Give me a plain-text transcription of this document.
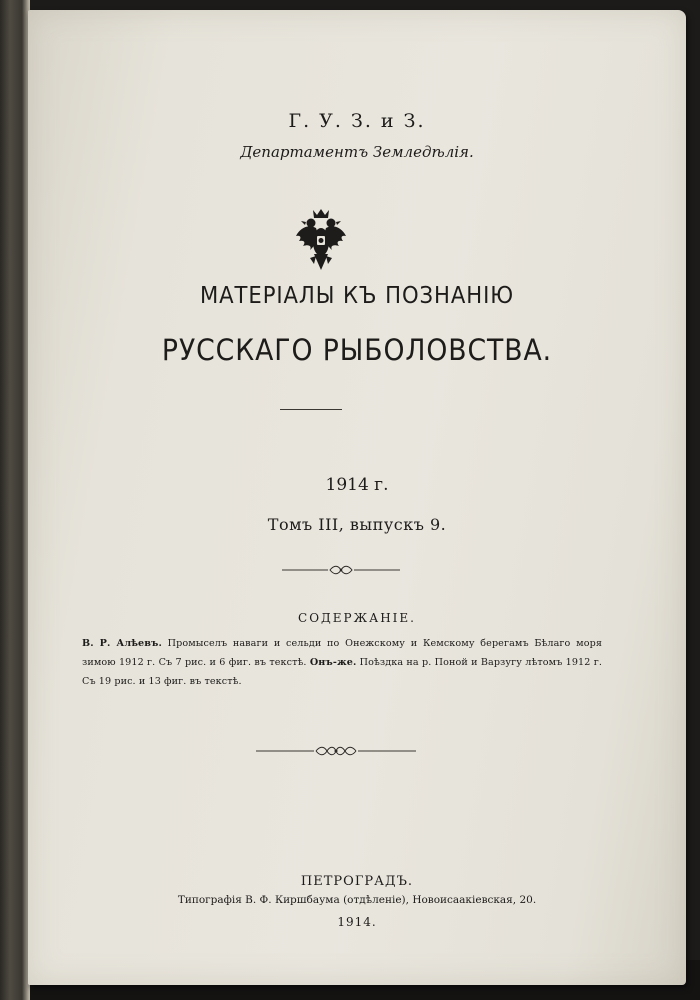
Г. У. З. и З.
Департаментъ Земледѣлія.
МАТЕРІАЛЫ КЪ ПОЗНАНІЮ
РУССКАГО РЫБОЛОВСТВА.
1914 г.
Томъ III, выпускъ 9.
СОДЕРЖАНІЕ.
В. Р. Алѣевъ. Промыселъ наваги и сельди по Онежскому и Кемскому берегамъ Бѣлаго моря зимою 1912 г. Съ 7 рис. и 6 фиг. въ текстѣ. Онъ-же. Поѣздка на р. Поной и Варзугу лѣтомъ 1912 г. Съ 19 рис. и 13 фиг. въ текстѣ.
ПЕТРОГРАДЪ.
Типографія В. Ф. Киршбаума (отдѣленіе), Новоисаакіевская, 20.
1914.
